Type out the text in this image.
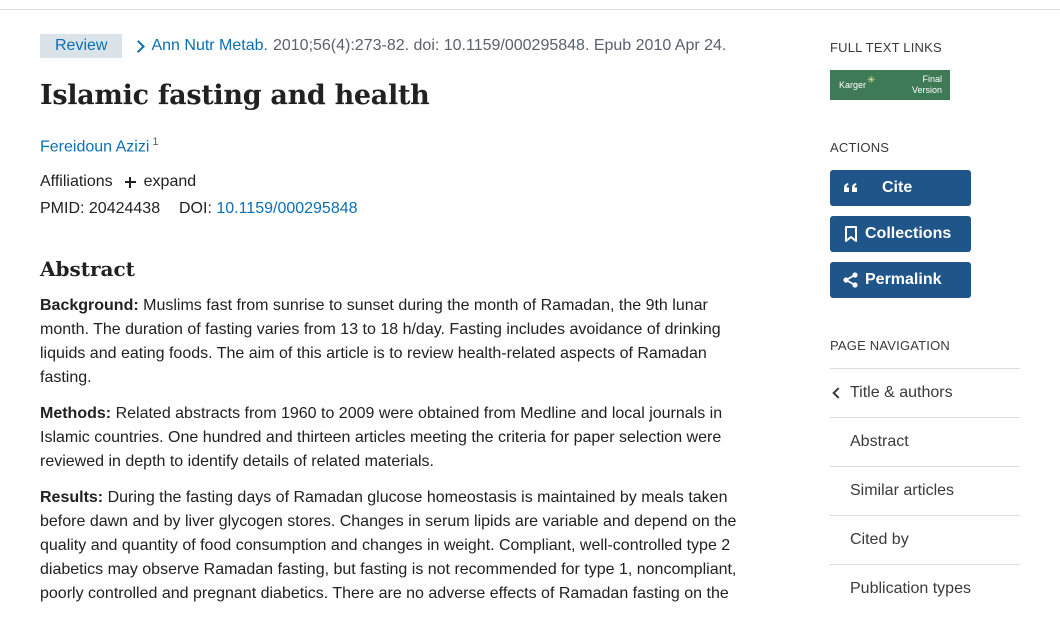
Review	Ann Nutr Metab. 2010;56(4):273-82. doi: 10.1159/000295848. Epub 2010 Apr 24.
Islamic fasting and health
Fereidoun Azizi $^1$
Affiliations expand
PMID: 20424438 DOI: 10.1159/000295848
Abstract

Background: Muslims fast from sunrise to sunset during the month of Ramadan, the 9th lunar month. The duration of fasting varies from 13 to 18 h/day. Fasting includes avoidance of drinking liquids and eating foods. The aim of this article is to review health-related aspects of Ramadan fasting.

Methods: Related abstracts from 1960 to 2009 were obtained from Medline and local journals in Islamic countries. One hundred and thirteen articles meeting the criteria for paper selection were reviewed in depth to identify details of related materials.

Results: During the fasting days of Ramadan glucose homeostasis is maintained by meals taken before dawn and by liver glycogen stores. Changes in serum lipids are variable and depend on the quality and quantity of food consumption and changes in weight. Compliant, well-controlled type 2 diabetics may observe Ramadan fasting, but fasting is not recommended for type 1, noncompliant, poorly controlled and pregnant diabetics. There are no adverse effects of Ramadan fasting on the

FULL TEXT LINKS
Karger ✳	Final
Version
ACTIONS
Cite
Collections
Permalink
PAGE NAVIGATION
Title & authors
Abstract
Similar articles
Cited by
Publication types
